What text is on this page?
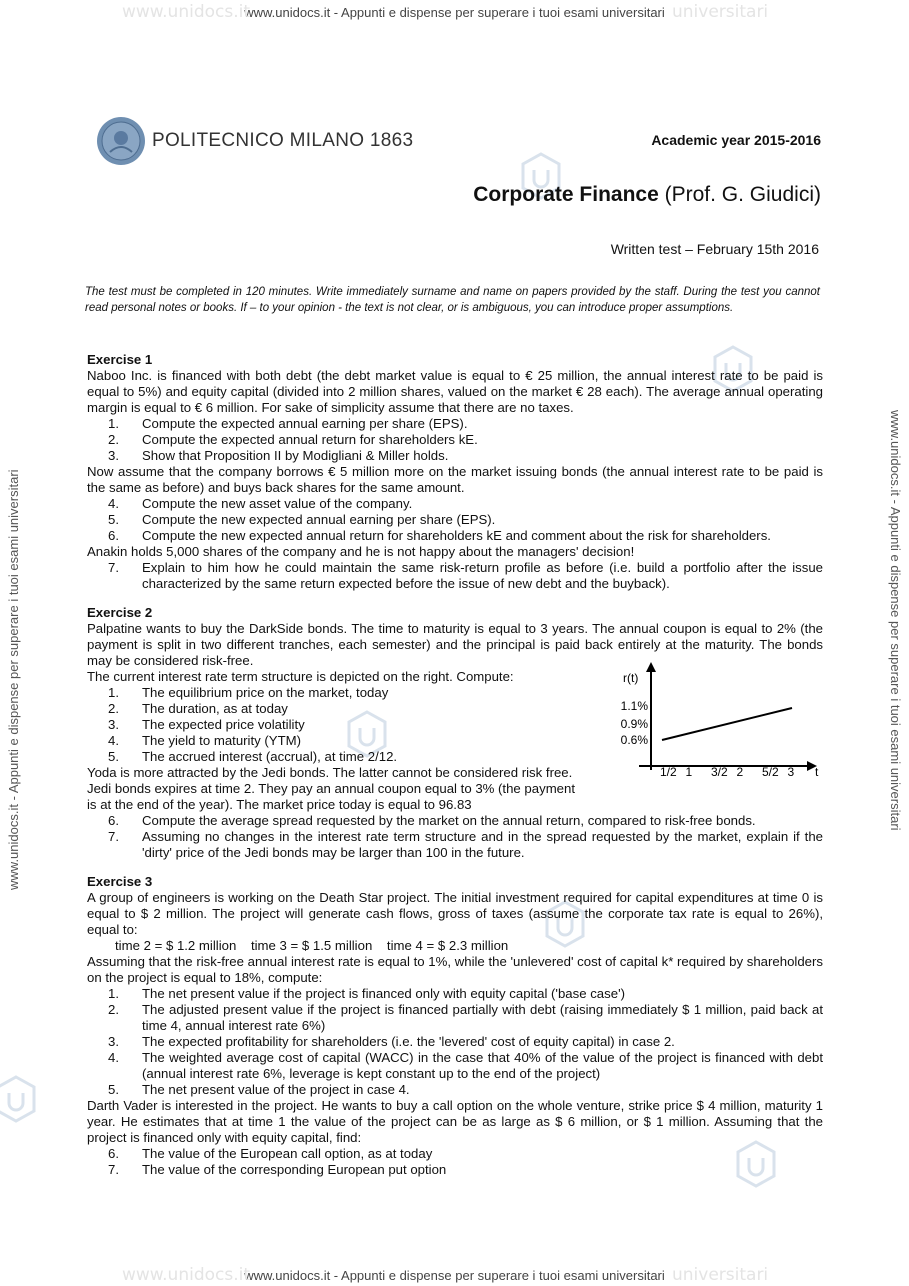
www.unidocs.it - Appunti e dispense per superare i tuoi esami universitari
www.unidocs.it	universitari
www.unidocs.it - Appunti e dispense per superare i tuoi esami universitari
www.unidocs.it	universitari
www.unidocs.it - Appunti e dispense per superare i tuoi esami universitari	www.unidocs.it - Appunti e dispense per superare i tuoi esami universitari
POLITECNICO MILANO 1863	Academic year 2015-2016
Corporate Finance (Prof. G. Giudici)
Written test – February 15th 2016
The test must be completed in 120 minutes. Write immediately surname and name on papers provided by the staff. During the test you cannot read personal notes or books. If – to your opinion - the text is not clear, or is ambiguous, you can introduce proper assumptions.
Exercise 1
Naboo Inc. is financed with both debt (the debt market value is equal to € 25 million, the annual interest rate to be paid is equal to 5%) and equity capital (divided into 2 million shares, valued on the market € 28 each). The average annual operating margin is equal to € 6 million. For sake of simplicity assume that there are no taxes.
1. Compute the expected annual earning per share (EPS).
2. Compute the expected annual return for shareholders kE.
3. Show that Proposition II by Modigliani & Miller holds.
Now assume that the company borrows € 5 million more on the market issuing bonds (the annual interest rate to be paid is the same as before) and buys back shares for the same amount.
4. Compute the new asset value of the company.
5. Compute the new expected annual earning per share (EPS).
6. Compute the new expected annual return for shareholders kE and comment about the risk for shareholders.
Anakin holds 5,000 shares of the company and he is not happy about the managers' decision!
7. Explain to him how he could maintain the same risk-return profile as before (i.e. build a portfolio after the issue characterized by the same return expected before the issue of new debt and the buyback).
Exercise 2
Palpatine wants to buy the DarkSide bonds. The time to maturity is equal to 3 years. The annual coupon is equal to 2% (the payment is split in two different tranches, each semester) and the principal is paid back entirely at the maturity. The bonds may be considered risk-free.
The current interest rate term structure is depicted on the right. Compute:
1. The equilibrium price on the market, today
2. The duration, as at today
3. The expected price volatility
4. The yield to maturity (YTM)
5. The accrued interest (accrual), at time 2/12.
Yoda is more attracted by the Jedi bonds. The latter cannot be considered risk free.
Jedi bonds expires at time 2. They pay an annual coupon equal to 3% (the payment
is at the end of the year). The market price today is equal to 96.83
6. Compute the average spread requested by the market on the annual return, compared to risk-free bonds.
7. Assuming no changes in the interest rate term structure and in the spread requested by the market, explain if the 'dirty' price of the Jedi bonds may be larger than 100 in the future.
r(t)
t
1.1%
0.9%
0.6%
1/2 1 3/2 2 5/2 3
Exercise 3
A group of engineers is working on the Death Star project. The initial investment required for capital expenditures at time 0 is equal to $ 2 million. The project will generate cash flows, gross of taxes (assume the corporate tax rate is equal to 26%), equal to:
time 2 = $ 1.2 million    time 3 = $ 1.5 million    time 4 = $ 2.3 million
Assuming that the risk-free annual interest rate is equal to 1%, while the 'unlevered' cost of capital k* required by shareholders on the project is equal to 18%, compute:
1. The net present value if the project is financed only with equity capital ('base case')
2. The adjusted present value if the project is financed partially with debt (raising immediately $ 1 million, paid back at time 4, annual interest rate 6%)
3. The expected profitability for shareholders (i.e. the 'levered' cost of equity capital) in case 2.
4. The weighted average cost of capital (WACC) in the case that 40% of the value of the project is financed with debt (annual interest rate 6%, leverage is kept constant up to the end of the project)
5. The net present value of the project in case 4.
Darth Vader is interested in the project. He wants to buy a call option on the whole venture, strike price $ 4 million, maturity 1 year. He estimates that at time 1 the value of the project can be as large as $ 6 million, or $ 1 million. Assuming that the project is financed only with equity capital, find:
6. The value of the European call option, as at today
7. The value of the corresponding European put option
